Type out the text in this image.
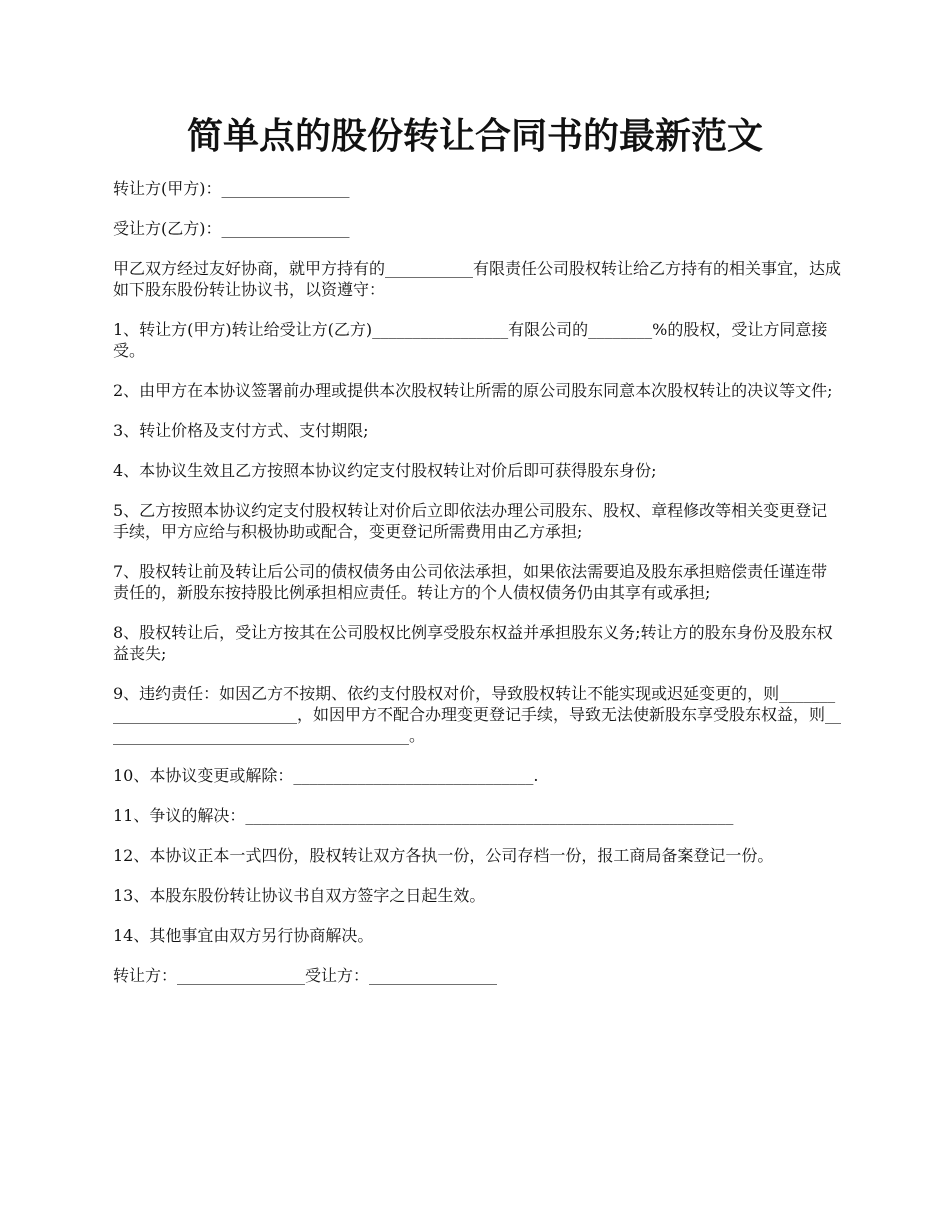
简单点的股份转让合同书的最新范文

转让方(甲方)：________________

受让方(乙方)：________________

甲乙双方经过友好协商，就甲方持有的___________有限责任公司股权转让给乙方持有的相关事宜，达成如下股东股份转让协议书，以资遵守：

1、转让方(甲方)转让给受让方(乙方)_________________有限公司的________%的股权，受让方同意接受。

2、由甲方在本协议签署前办理或提供本次股权转让所需的原公司股东同意本次股权转让的决议等文件;

3、转让价格及支付方式、支付期限;

4、本协议生效且乙方按照本协议约定支付股权转让对价后即可获得股东身份;

5、乙方按照本协议约定支付股权转让对价后立即依法办理公司股东、股权、章程修改等相关变更登记手续，甲方应给与积极协助或配合，变更登记所需费用由乙方承担;

7、股权转让前及转让后公司的债权债务由公司依法承担，如果依法需要追及股东承担赔偿责任谨连带责任的，新股东按持股比例承担相应责任。转让方的个人债权债务仍由其享有或承担;

8、股权转让后，受让方按其在公司股权比例享受股东权益并承担股东义务;转让方的股东身份及股东权益丧失;

9、违约责任：如因乙方不按期、依约支付股权对价，导致股权转让不能实现或迟延变更的，则______________________________，如因甲方不配合办理变更登记手续，导致无法使新股东享受股东权益，则_______________________________________。

10、本协议变更或解除：______________________________.

11、争议的解决：_____________________________________________________________

12、本协议正本一式四份，股权转让双方各执一份，公司存档一份，报工商局备案登记一份。

13、本股东股份转让协议书自双方签字之日起生效。

14、其他事宜由双方另行协商解决。

转让方：________________受让方：________________
